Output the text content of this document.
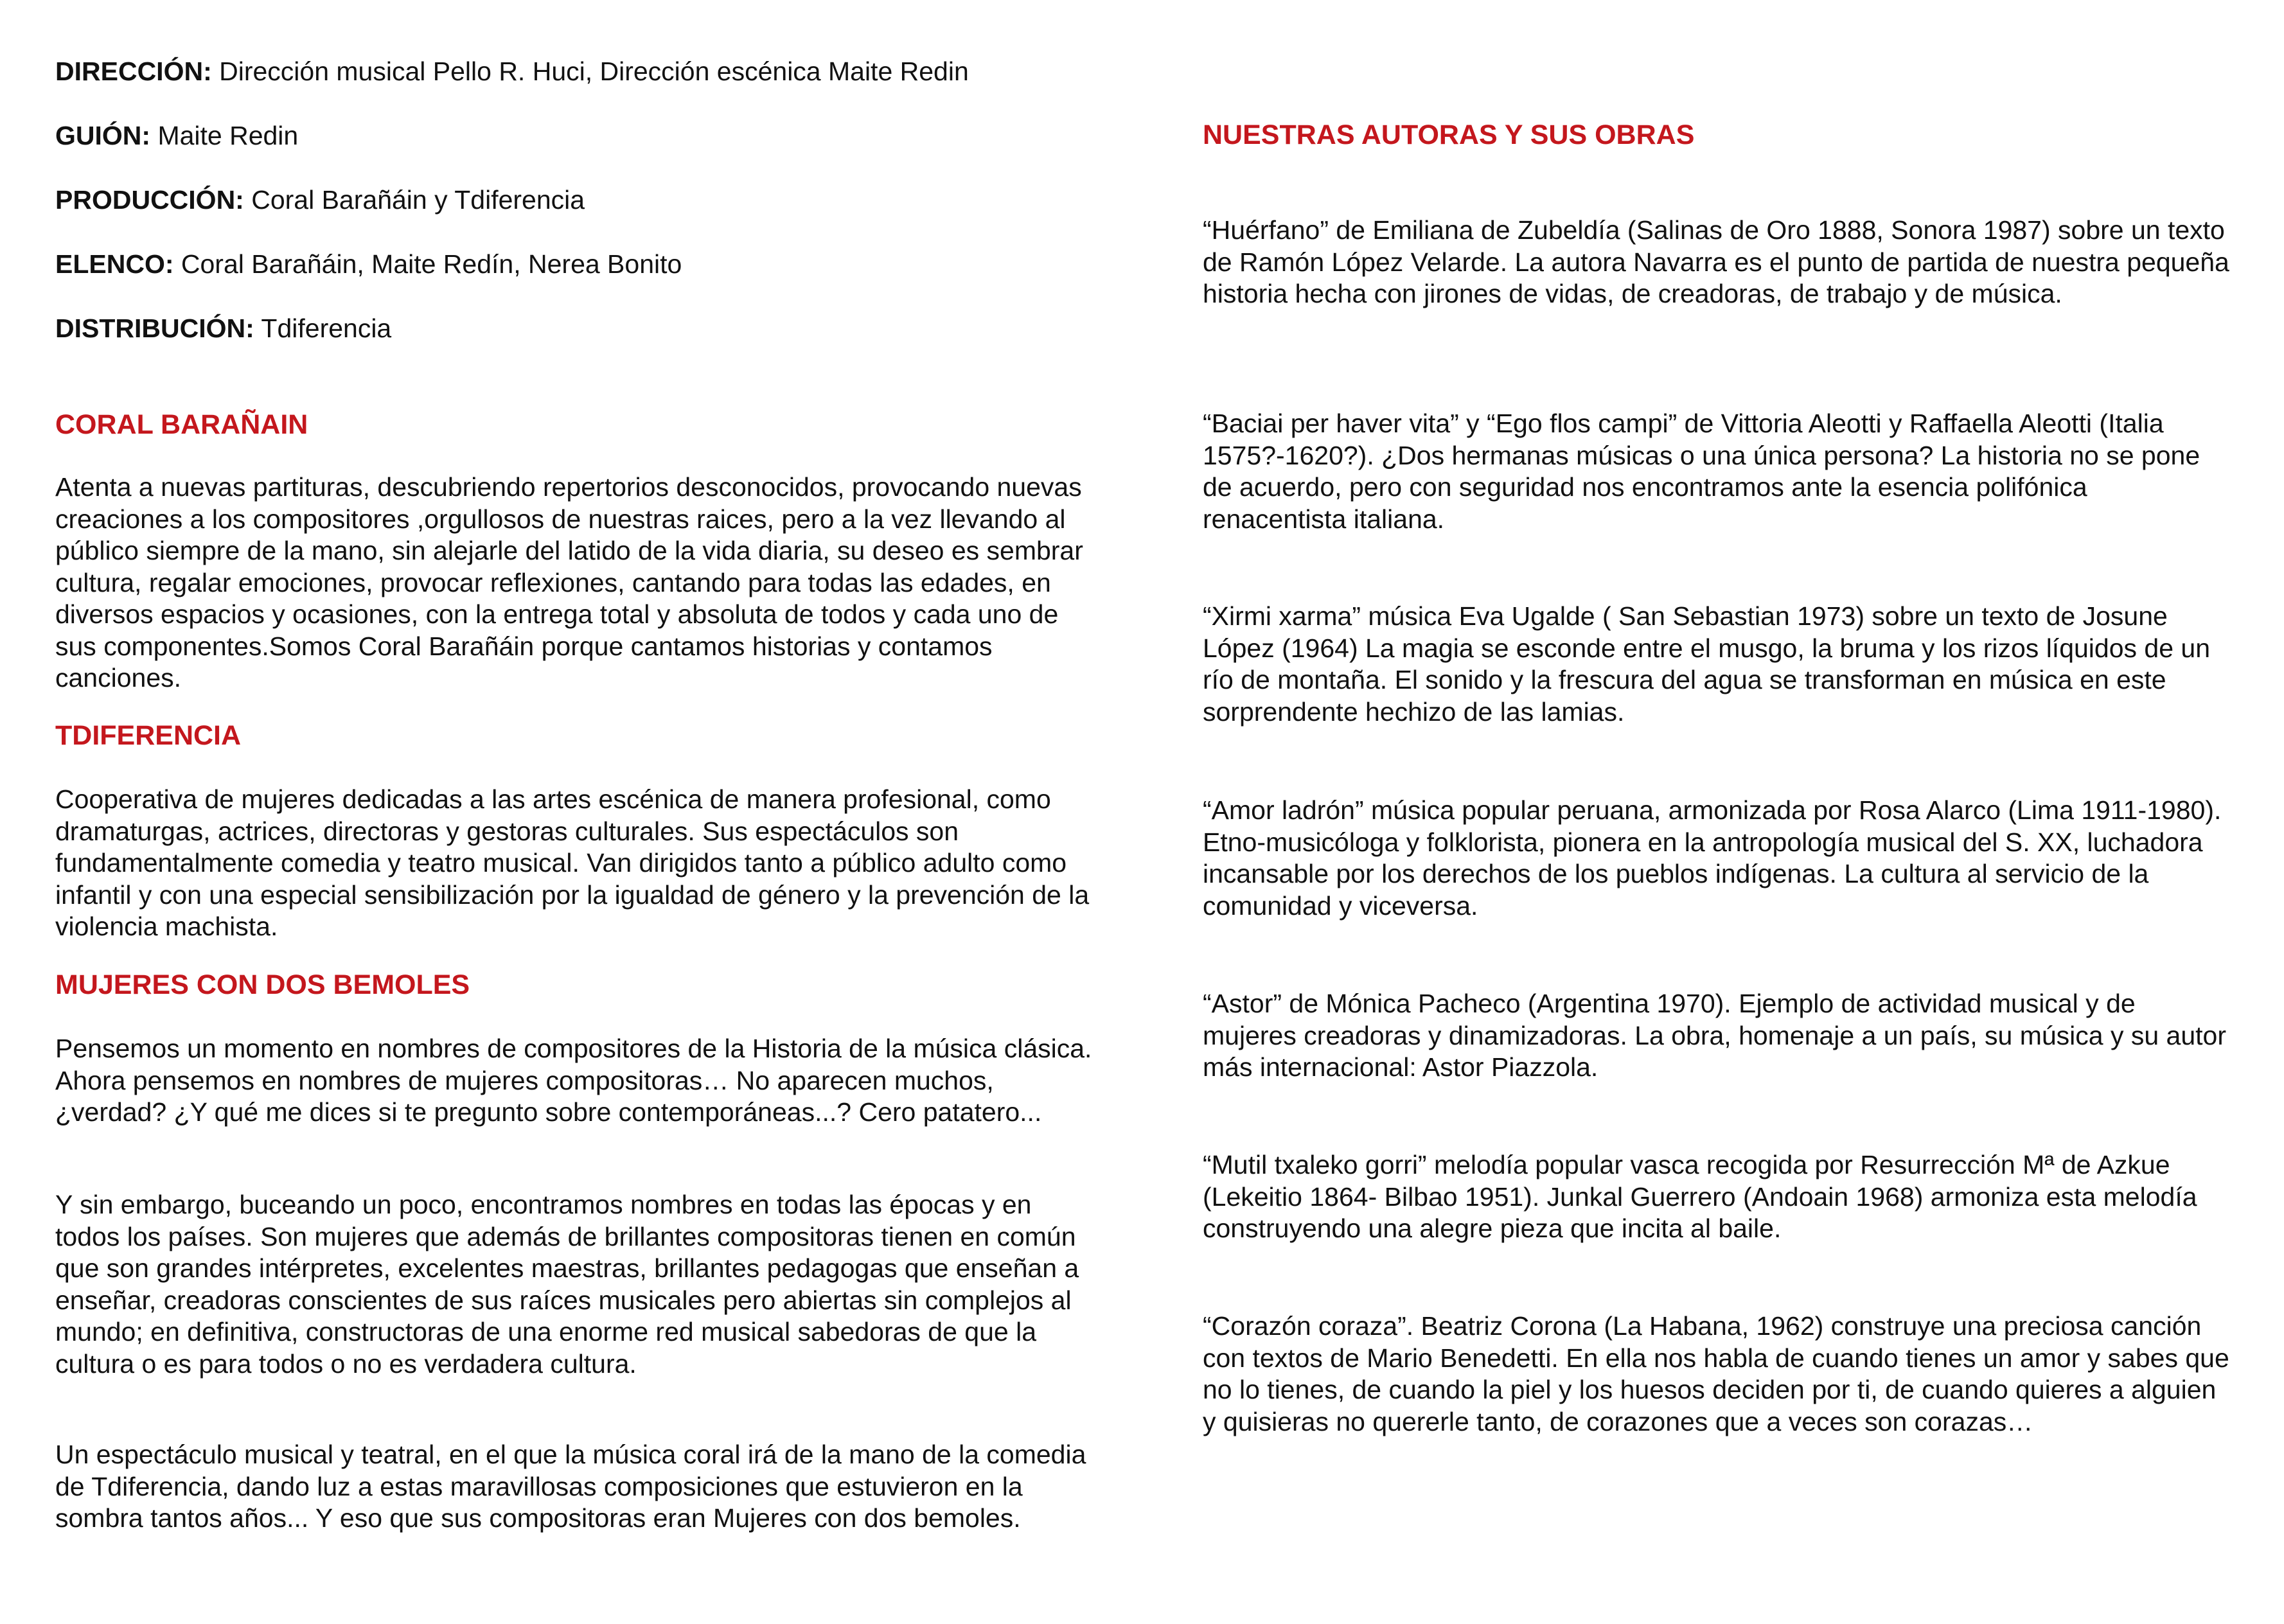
DIRECCIÓN: Dirección musical Pello R. Huci, Dirección escénica Maite Redin
GUIÓN: Maite Redin
PRODUCCIÓN: Coral Barañáin y Tdiferencia
ELENCO: Coral Barañáin, Maite Redín, Nerea Bonito
DISTRIBUCIÓN: Tdiferencia
CORAL BARAÑAIN

Atenta a nuevas partituras, descubriendo repertorios desconocidos, provocando nuevas creaciones a los compositores ,orgullosos de nuestras raices, pero a la vez llevando al público siempre de la mano, sin alejarle del latido de la vida diaria, su deseo es sembrar cultura, regalar emociones, provocar reflexiones, cantando para todas las edades, en diversos espacios y ocasiones, con la entrega total y absoluta de todos y cada uno de sus componentes.Somos Coral Barañáin porque cantamos historias y contamos canciones.

TDIFERENCIA

Cooperativa de mujeres dedicadas a las artes escénica de manera profesional, como dramaturgas, actrices, directoras y gestoras culturales. Sus espectáculos son fundamentalmente comedia y teatro musical. Van dirigidos tanto a público adulto como infantil y con una especial sensibilización por la igualdad de género y la prevención de la violencia machista.

MUJERES CON DOS BEMOLES

Pensemos un momento en nombres de compositores de la Historia de la música clásica. Ahora pensemos en nombres de mujeres compositoras… No aparecen muchos, ¿verdad? ¿Y qué me dices si te pregunto sobre contemporáneas...? Cero patatero...

Y sin embargo, buceando un poco, encontramos nombres en todas las épocas y en todos los países. Son mujeres que además de brillantes compositoras tienen en común que son grandes intérpretes, excelentes maestras, brillantes pedagogas que enseñan a enseñar, creadoras conscientes de sus raíces musicales pero abiertas sin complejos al mundo; en definitiva, constructoras de una enorme red musical sabedoras de que la cultura o es para todos o no es verdadera cultura.

Un espectáculo musical y teatral, en el que la música coral irá de la mano de la comedia de Tdiferencia, dando luz a estas maravillosas composiciones que estuvieron en la sombra tantos años... Y eso que sus compositoras eran Mujeres con dos bemoles.

NUESTRAS AUTORAS Y SUS OBRAS

“Huérfano” de Emiliana de Zubeldía (Salinas de Oro 1888, Sonora 1987) sobre un texto de Ramón López Velarde. La autora Navarra es el punto de partida de nuestra pequeña historia hecha con jirones de vidas, de creadoras, de trabajo y de música.

“Baciai per haver vita” y “Ego flos campi” de Vittoria Aleotti y Raffaella Aleotti (Italia 1575?-1620?). ¿Dos hermanas músicas o una única persona? La historia no se pone de acuerdo, pero con seguridad nos encontramos ante la esencia polifónica renacentista italiana.

“Xirmi xarma” música Eva Ugalde ( San Sebastian 1973) sobre un texto de Josune López (1964) La magia se esconde entre el musgo, la bruma y los rizos líquidos de un río de montaña. El sonido y la frescura del agua se transforman en música en este sorprendente hechizo de las lamias.

“Amor ladrón” música popular peruana, armonizada por Rosa Alarco (Lima 1911-1980). Etno-musicóloga y folklorista, pionera en la antropología musical del S. XX, luchadora incansable por los derechos de los pueblos indígenas. La cultura al servicio de la comunidad y viceversa.

“Astor” de Mónica Pacheco (Argentina 1970). Ejemplo de actividad musical y de mujeres creadoras y dinamizadoras. La obra, homenaje a un país, su música y su autor más internacional: Astor Piazzola.

“Mutil txaleko gorri” melodía popular vasca recogida por Resurrección Mª de Azkue (Lekeitio 1864- Bilbao 1951). Junkal Guerrero (Andoain 1968) armoniza esta melodía construyendo una alegre pieza que incita al baile.

“Corazón coraza”. Beatriz Corona (La Habana, 1962) construye una preciosa canción con textos de Mario Benedetti. En ella nos habla de cuando tienes un amor y sabes que no lo tienes, de cuando la piel y los huesos deciden por ti, de cuando quieres a alguien y quisieras no quererle tanto, de corazones que a veces son corazas…
